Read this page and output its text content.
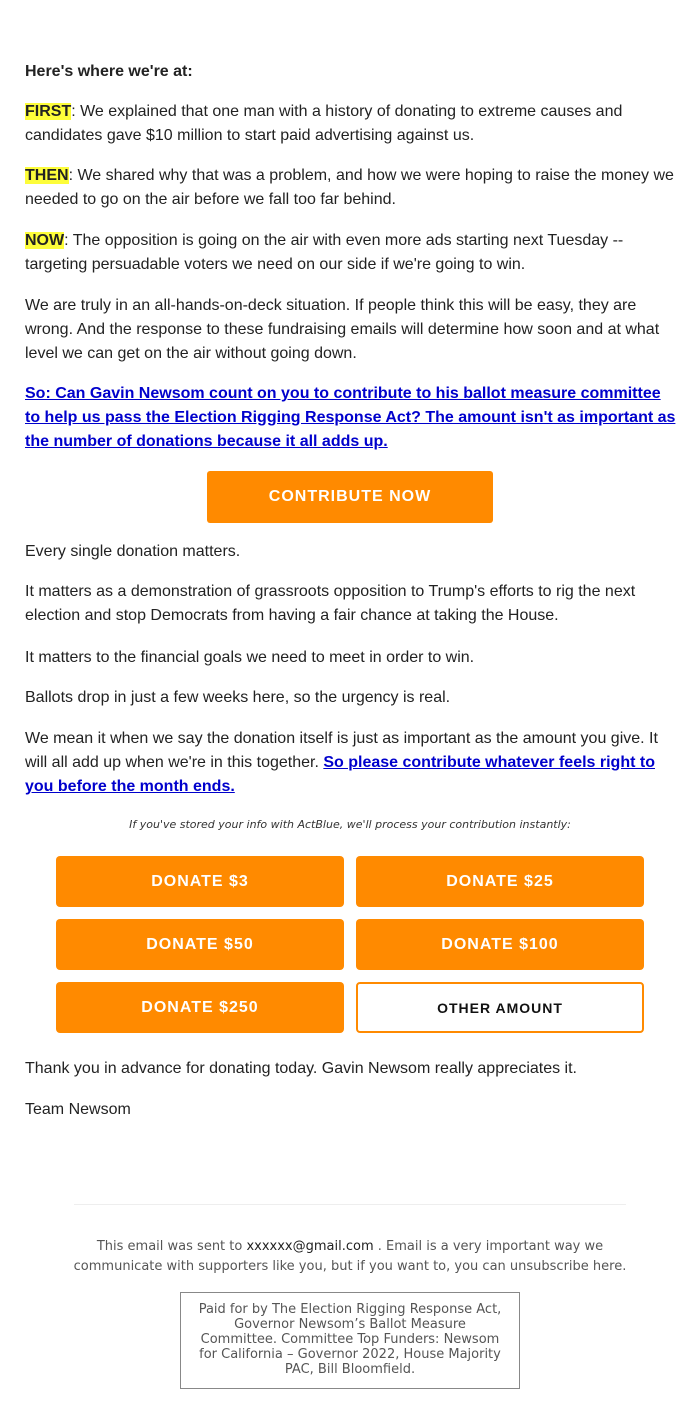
Here's where we're at:

FIRST: We explained that one man with a history of donating to extreme causes and candidates gave $10 million to start paid advertising against us.

THEN: We shared why that was a problem, and how we were hoping to raise the money we needed to go on the air before we fall too far behind.

NOW: The opposition is going on the air with even more ads starting next Tuesday -- targeting persuadable voters we need on our side if we're going to win.

We are truly in an all-hands-on-deck situation. If people think this will be easy, they are wrong. And the response to these fundraising emails will determine how soon and at what level we can get on the air without going down.

So: Can Gavin Newsom count on you to contribute to his ballot measure committee to help us pass the Election Rigging Response Act? The amount isn't as important as the number of donations because it all adds up.

CONTRIBUTE NOW

Every single donation matters.

It matters as a demonstration of grassroots opposition to Trump's efforts to rig the next election and stop Democrats from having a fair chance at taking the House.

It matters to the financial goals we need to meet in order to win.

Ballots drop in just a few weeks here, so the urgency is real.

We mean it when we say the donation itself is just as important as the amount you give. It will all add up when we're in this together. So please contribute whatever feels right to you before the month ends.

If you've stored your info with ActBlue, we'll process your contribution instantly:
DONATE $3	DONATE $25
DONATE $50	DONATE $100
DONATE $250	OTHER AMOUNT

Thank you in advance for donating today. Gavin Newsom really appreciates it.

Team Newsom

This email was sent to xxxxxx@gmail.com . Email is a very important way we communicate with supporters like you, but if you want to, you can unsubscribe here.
Paid for by The Election Rigging Response Act, Governor Newsom’s Ballot Measure Committee. Committee Top Funders: Newsom for California – Governor 2022, House Majority PAC, Bill Bloomfield.
